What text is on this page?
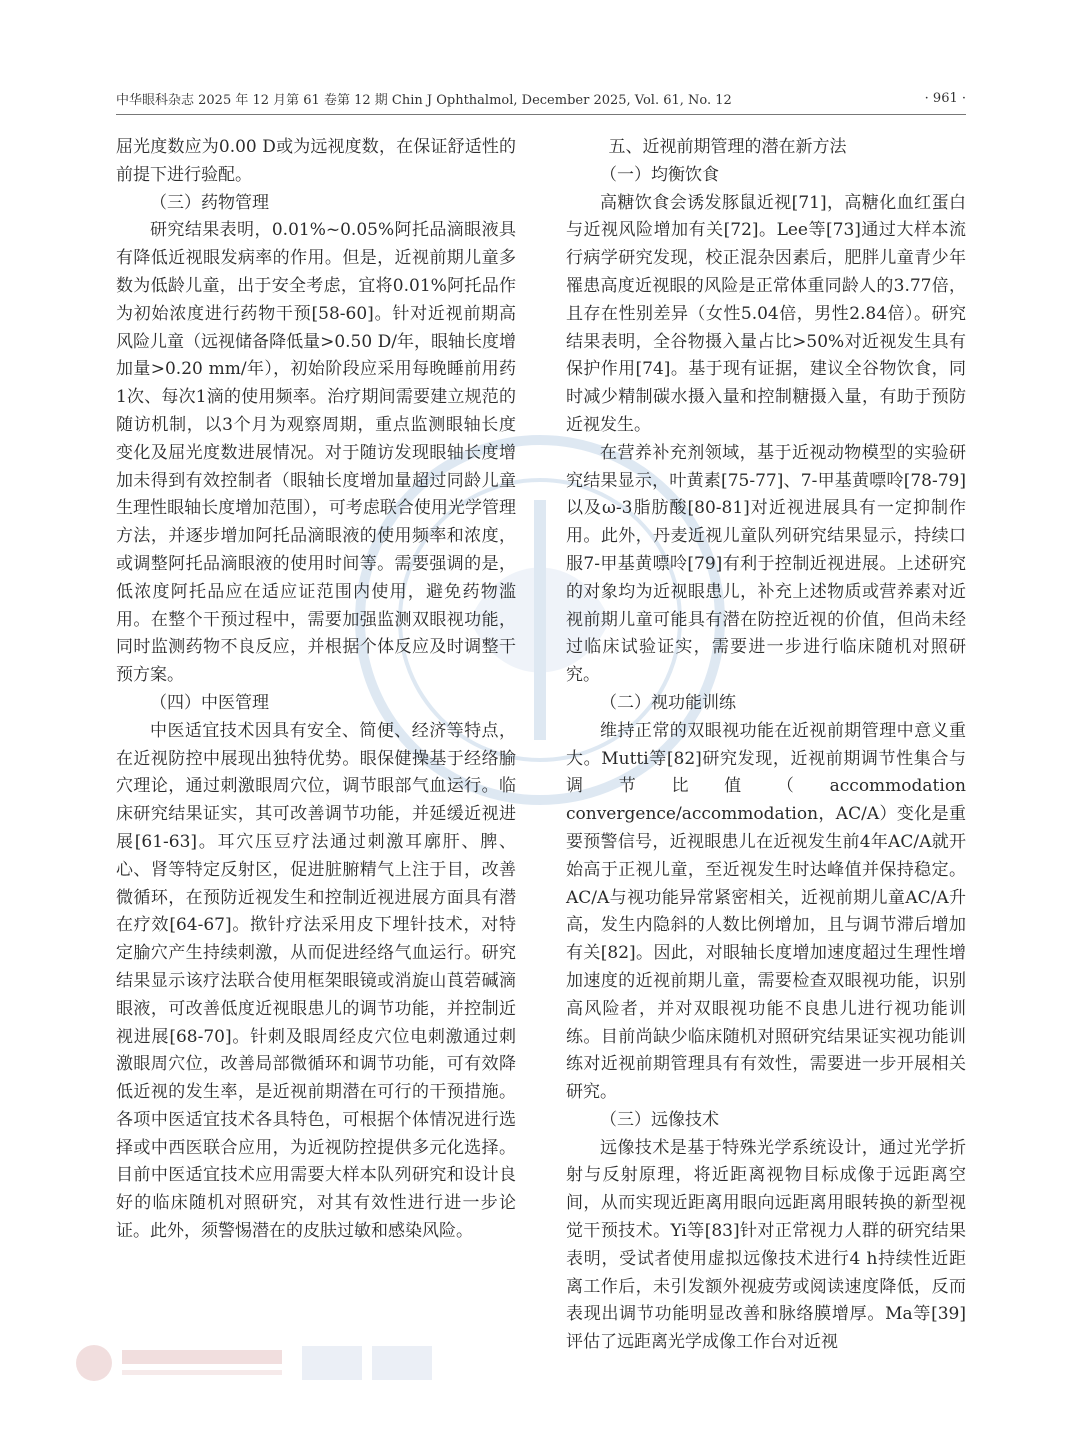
中华眼科杂志 2025 年 12 月第 61 卷第 12 期 Chin J Ophthalmol, December 2025, Vol. 61, No. 12	· 961 ·

屈光度数应为0.00 D或为远视度数，在保证舒适性的前提下进行验配。

（三）药物管理

研究结果表明，0.01%~0.05%阿托品滴眼液具有降低近视眼发病率的作用。但是，近视前期儿童多数为低龄儿童，出于安全考虑，宜将0.01%阿托品作为初始浓度进行药物干预[58-60]。针对近视前期高风险儿童（远视储备降低量>0.50 D/年，眼轴长度增加量>0.20 mm/年），初始阶段应采用每晚睡前用药1次、每次1滴的使用频率。治疗期间需要建立规范的随访机制，以3个月为观察周期，重点监测眼轴长度变化及屈光度数进展情况。对于随访发现眼轴长度增加未得到有效控制者（眼轴长度增加量超过同龄儿童生理性眼轴长度增加范围），可考虑联合使用光学管理方法，并逐步增加阿托品滴眼液的使用频率和浓度，或调整阿托品滴眼液的使用时间等。需要强调的是，低浓度阿托品应在适应证范围内使用，避免药物滥用。在整个干预过程中，需要加强监测双眼视功能，同时监测药物不良反应，并根据个体反应及时调整干预方案。

（四）中医管理

中医适宜技术因具有安全、简便、经济等特点，在近视防控中展现出独特优势。眼保健操基于经络腧穴理论，通过刺激眼周穴位，调节眼部气血运行。临床研究结果证实，其可改善调节功能，并延缓近视进展[61-63]。耳穴压豆疗法通过刺激耳廓肝、脾、心、肾等特定反射区，促进脏腑精气上注于目，改善微循环，在预防近视发生和控制近视进展方面具有潜在疗效[64-67]。揿针疗法采用皮下埋针技术，对特定腧穴产生持续刺激，从而促进经络气血运行。研究结果显示该疗法联合使用框架眼镜或消旋山莨菪碱滴眼液，可改善低度近视眼患儿的调节功能，并控制近视进展[68-70]。针刺及眼周经皮穴位电刺激通过刺激眼周穴位，改善局部微循环和调节功能，可有效降低近视的发生率，是近视前期潜在可行的干预措施。各项中医适宜技术各具特色，可根据个体情况进行选择或中西医联合应用，为近视防控提供多元化选择。目前中医适宜技术应用需要大样本队列研究和设计良好的临床随机对照研究，对其有效性进行进一步论证。此外，须警惕潜在的皮肤过敏和感染风险。

五、近视前期管理的潜在新方法
（一）均衡饮食

高糖饮食会诱发豚鼠近视[71]，高糖化血红蛋白与近视风险增加有关[72]。Lee等[73]通过大样本流行病学研究发现，校正混杂因素后，肥胖儿童青少年罹患高度近视眼的风险是正常体重同龄人的3.77倍，且存在性别差异（女性5.04倍，男性2.84倍）。研究结果表明，全谷物摄入量占比>50%对近视发生具有保护作用[74]。基于现有证据，建议全谷物饮食，同时减少精制碳水摄入量和控制糖摄入量，有助于预防近视发生。

在营养补充剂领域，基于近视动物模型的实验研究结果显示，叶黄素[75-77]、7-甲基黄嘌呤[78-79]以及ω-3脂肪酸[80-81]对近视进展具有一定抑制作用。此外，丹麦近视儿童队列研究结果显示，持续口服7-甲基黄嘌呤[79]有利于控制近视进展。上述研究的对象均为近视眼患儿，补充上述物质或营养素对近视前期儿童可能具有潜在防控近视的价值，但尚未经过临床试验证实，需要进一步进行临床随机对照研究。

（二）视功能训练

维持正常的双眼视功能在近视前期管理中意义重大。Mutti等[82]研究发现，近视前期调节性集合与调节比值（accommodation convergence/accommodation，AC/A）变化是重要预警信号，近视眼患儿在近视发生前4年AC/A就开始高于正视儿童，至近视发生时达峰值并保持稳定。AC/A与视功能异常紧密相关，近视前期儿童AC/A升高，发生内隐斜的人数比例增加，且与调节滞后增加有关[82]。因此，对眼轴长度增加速度超过生理性增加速度的近视前期儿童，需要检查双眼视功能，识别高风险者，并对双眼视功能不良患儿进行视功能训练。目前尚缺少临床随机对照研究结果证实视功能训练对近视前期管理具有有效性，需要进一步开展相关研究。

（三）远像技术

远像技术是基于特殊光学系统设计，通过光学折射与反射原理，将近距离视物目标成像于远距离空间，从而实现近距离用眼向远距离用眼转换的新型视觉干预技术。Yi等[83]针对正常视力人群的研究结果表明，受试者使用虚拟远像技术进行4 h持续性近距离工作后，未引发额外视疲劳或阅读速度降低，反而表现出调节功能明显改善和脉络膜增厚。Ma等[39]评估了远距离光学成像工作台对近视
